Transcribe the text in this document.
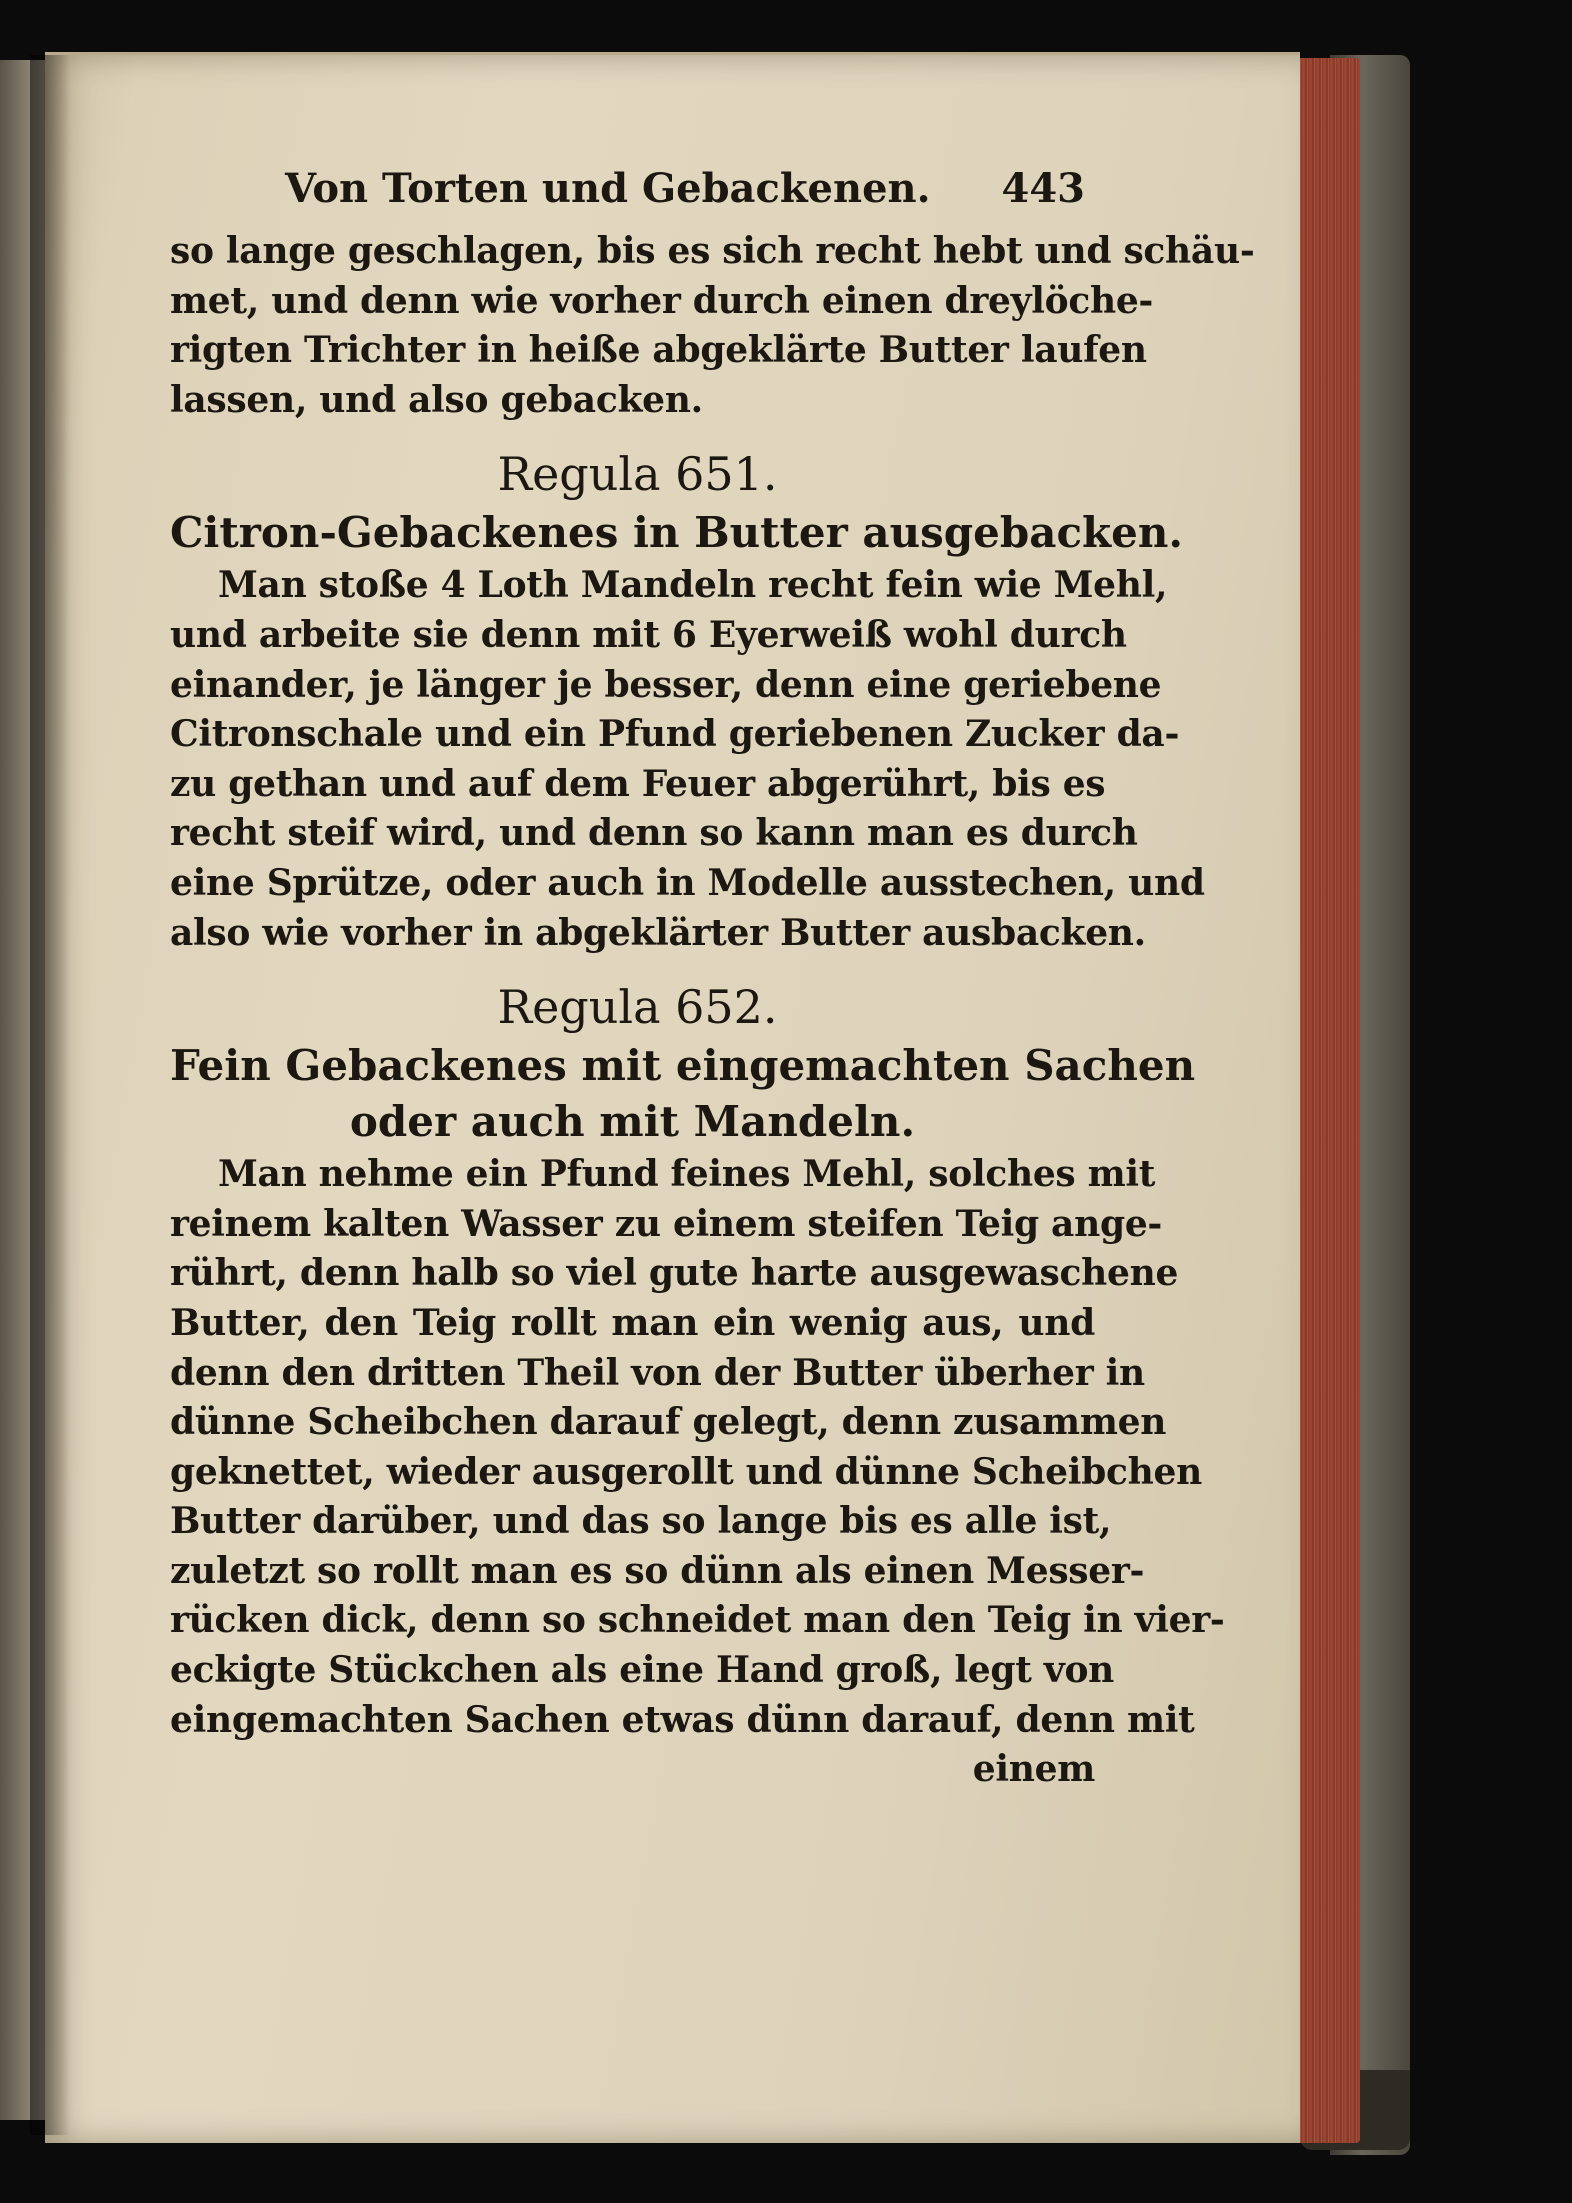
Von Torten und Gebackenen. 443
so lange geschlagen, bis es sich recht hebt und schäu-
met, und denn wie vorher durch einen dreylöche-
rigten Trichter in heiße abgeklärte Butter laufen
lassen, und also gebacken.
Regula 651.
Citron-Gebackenes in Butter ausgebacken.
Man stoße 4 Loth Mandeln recht fein wie Mehl,
und arbeite sie denn mit 6 Eyerweiß wohl durch
einander, je länger je besser, denn eine geriebene
Citronschale und ein Pfund geriebenen Zucker da-
zu gethan und auf dem Feuer abgerührt, bis es
recht steif wird, und denn so kann man es durch
eine Sprütze, oder auch in Modelle ausstechen, und
also wie vorher in abgeklärter Butter ausbacken.
Regula 652.
Fein Gebackenes mit eingemachten Sachen
oder auch mit Mandeln.
Man nehme ein Pfund feines Mehl, solches mit
reinem kalten Wasser zu einem steifen Teig ange-
rührt, denn halb so viel gute harte ausgewaschene
Butter, den Teig rollt man ein wenig aus, und
denn den dritten Theil von der Butter überher in
dünne Scheibchen darauf gelegt, denn zusammen
geknettet, wieder ausgerollt und dünne Scheibchen
Butter darüber, und das so lange bis es alle ist,
zuletzt so rollt man es so dünn als einen Messer-
rücken dick, denn so schneidet man den Teig in vier-
eckigte Stückchen als eine Hand groß, legt von
eingemachten Sachen etwas dünn darauf, denn mit
einem
